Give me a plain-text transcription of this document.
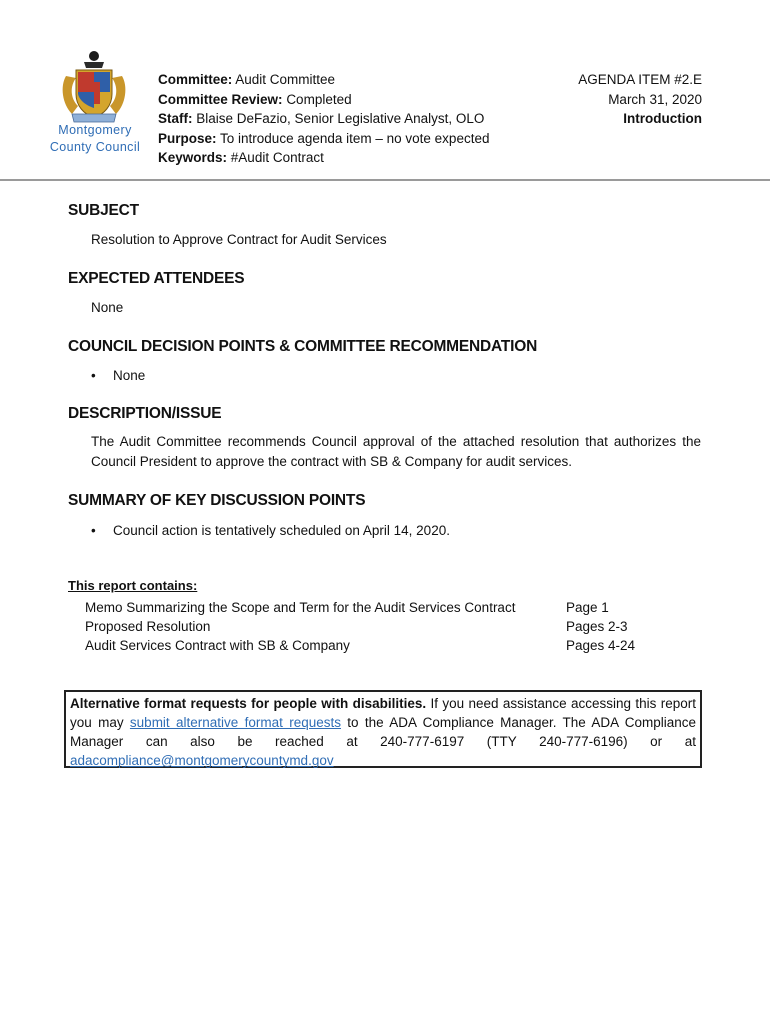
Montgomery
County Council
Committee: Audit Committee
Committee Review: Completed
Staff: Blaise DeFazio, Senior Legislative Analyst, OLO
Purpose: To introduce agenda item – no vote expected
Keywords: #Audit Contract
AGENDA ITEM #2.E
March 31, 2020
Introduction
SUBJECT
Resolution to Approve Contract for Audit Services
EXPECTED ATTENDEES
None
COUNCIL DECISION POINTS & COMMITTEE RECOMMENDATION
• None
DESCRIPTION/ISSUE
The Audit Committee recommends Council approval of the attached resolution that authorizes the Council President to approve the contract with SB & Company for audit services.
SUMMARY OF KEY DISCUSSION POINTS
• Council action is tentatively scheduled on April 14, 2020.
This report contains:
Memo Summarizing the Scope and Term for the Audit Services Contract	Page 1
Proposed Resolution	Pages 2-3
Audit Services Contract with SB & Company	Pages 4-24
Alternative format requests for people with disabilities. If you need assistance accessing this report you may submit alternative format requests to the ADA Compliance Manager. The ADA Compliance Manager can also be reached at 240-777-6197 (TTY 240-777-6196) or at adacompliance@montgomerycountymd.gov
